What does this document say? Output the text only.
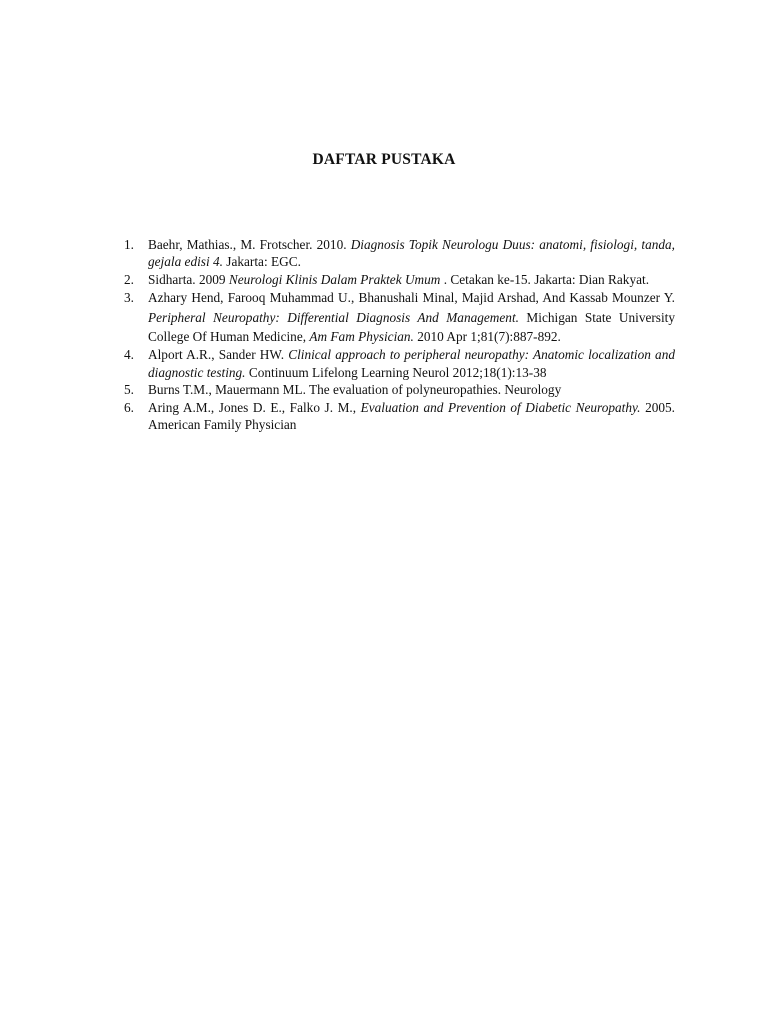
DAFTAR PUSTAKA
1. Baehr, Mathias., M. Frotscher. 2010. Diagnosis Topik Neurologu Duus: anatomi, fisiologi, tanda, gejala edisi 4. Jakarta: EGC.
2. Sidharta. 2009 Neurologi Klinis Dalam Praktek Umum . Cetakan ke-15. Jakarta: Dian Rakyat.
3. Azhary Hend, Farooq Muhammad U., Bhanushali Minal, Majid Arshad, And Kassab Mounzer Y. Peripheral Neuropathy: Differential Diagnosis And Management. Michigan State University College Of Human Medicine, Am Fam Physician. 2010 Apr 1;81(7):887-892.
4. Alport A.R., Sander HW. Clinical approach to peripheral neuropathy: Anatomic localization and diagnostic testing. Continuum Lifelong Learning Neurol 2012;18(1):13-38
5. Burns T.M., Mauermann ML. The evaluation of polyneuropathies. Neurology
6. Aring A.M., Jones D. E., Falko J. M., Evaluation and Prevention of Diabetic Neuropathy. 2005. American Family Physician
